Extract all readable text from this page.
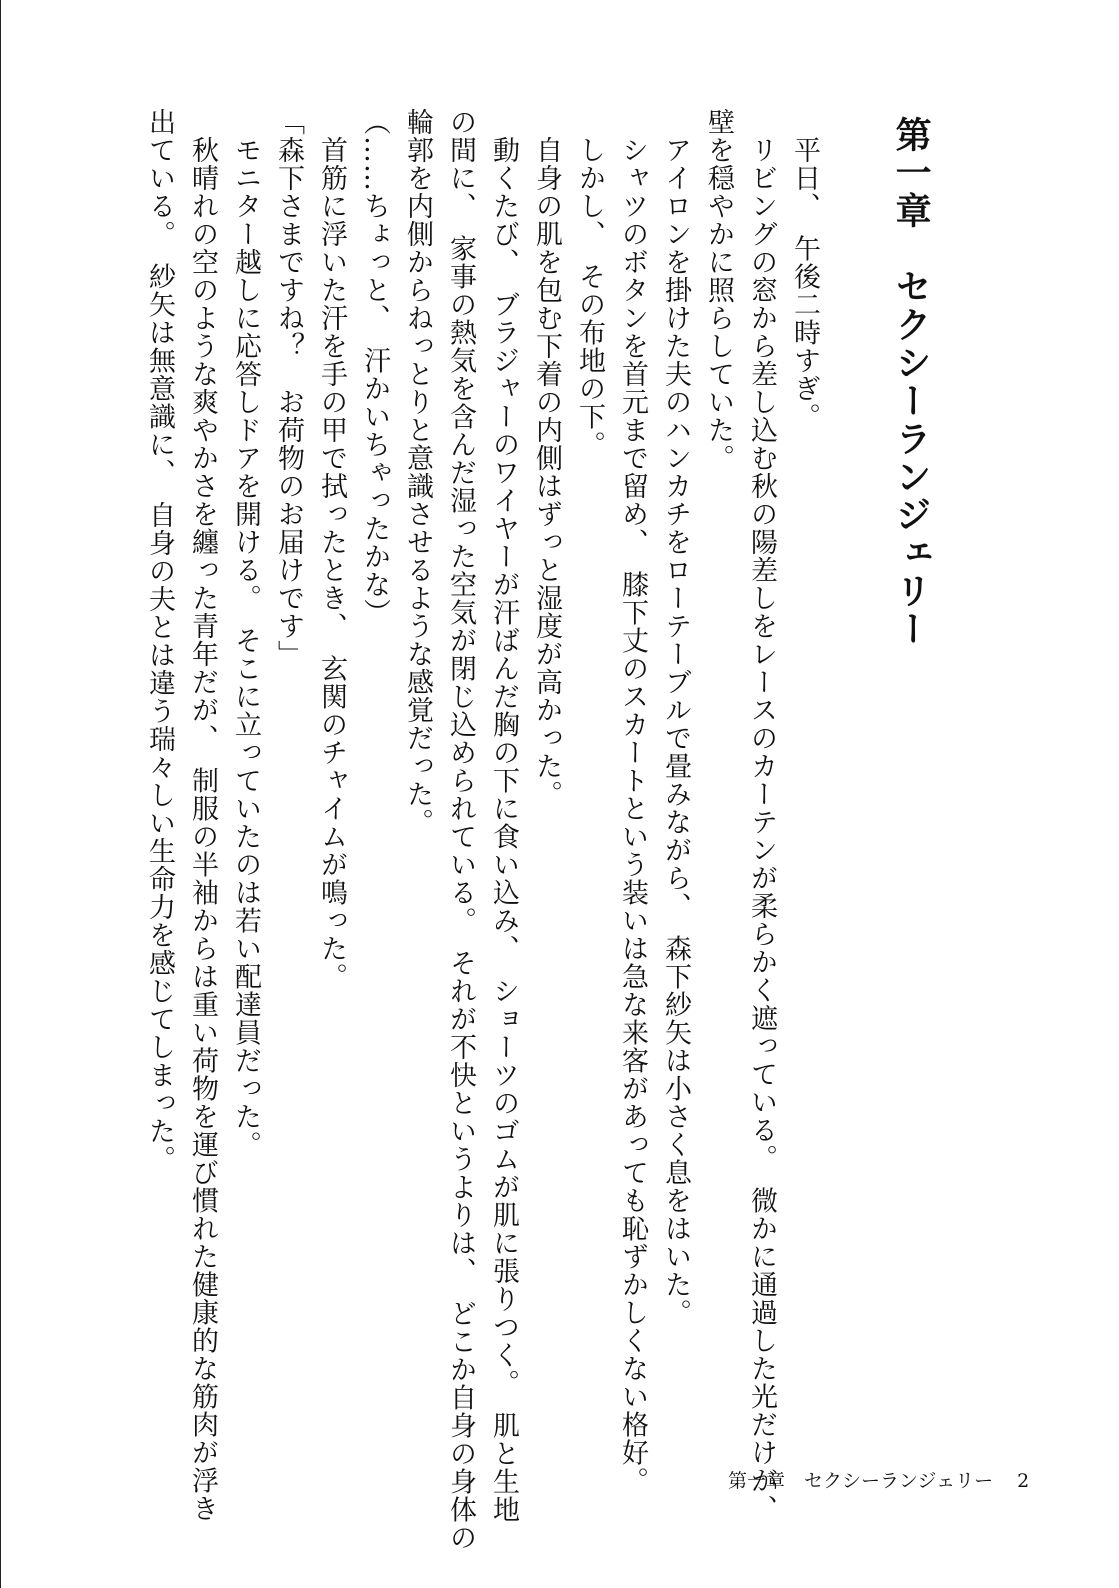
第一章　セクシーランジェリー
平日、　午後二時すぎ。
リビングの窓から差し込む秋の陽差しをレースのカーテンが柔らかく遮っている。　微かに通過した光だけが、
壁を穏やかに照らしていた。
アイロンを掛けた夫のハンカチをローテーブルで畳みながら、　森下紗矢は小さく息をはいた。
シャツのボタンを首元まで留め、　膝下丈のスカートという装いは急な来客があっても恥ずかしくない格好。
しかし、　その布地の下。
自身の肌を包む下着の内側はずっと湿度が高かった。
動くたび、　ブラジャーのワイヤーが汗ばんだ胸の下に食い込み、　ショーツのゴムが肌に張りつく。　肌と生地
の間に、　家事の熱気を含んだ湿った空気が閉じ込められている。　それが不快というよりは、　どこか自身の身体の
輪郭を内側からねっとりと意識させるような感覚だった。
（……ちょっと、　汗かいちゃったかな）
首筋に浮いた汗を手の甲で拭ったとき、　玄関のチャイムが鳴った。
「森下さまですね？　お荷物のお届けです」
モニター越しに応答しドアを開ける。　そこに立っていたのは若い配達員だった。
秋晴れの空のような爽やかさを纏った青年だが、　制服の半袖からは重い荷物を運び慣れた健康的な筋肉が浮き
出ている。　紗矢は無意識に、　自身の夫とは違う瑞々しい生命力を感じてしまった。
第一章　セクシーランジェリー 2
